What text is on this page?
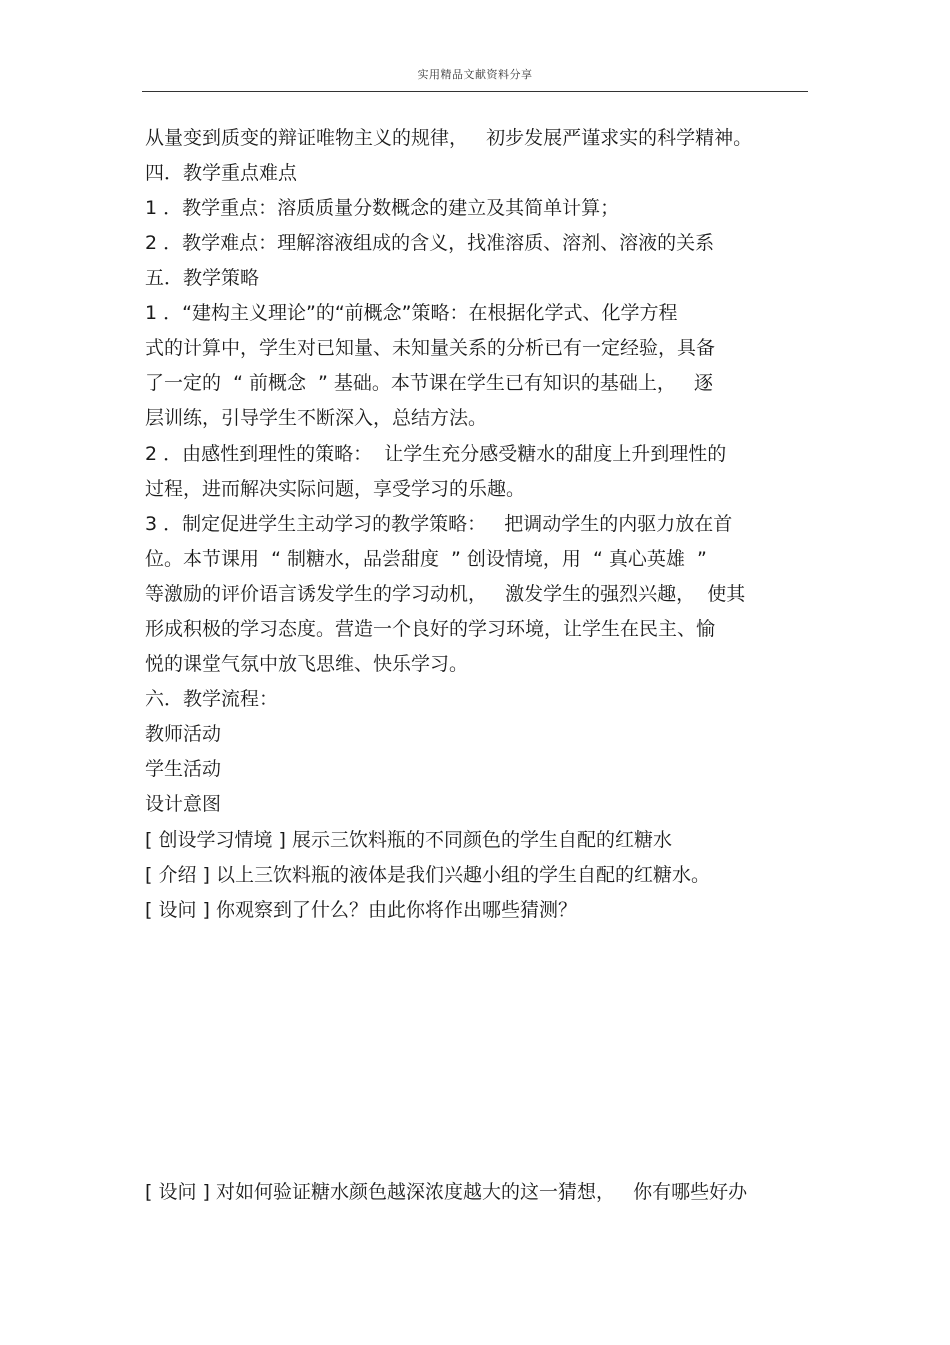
实用精品文献资料分享
从量变到质变的辩证唯物主义的规律，   初步发展严谨求实的科学精神。
四．教学重点难点
1 ．教学重点：溶质质量分数概念的建立及其简单计算；
2 ．教学难点：理解溶液组成的含义，找准溶质、溶剂、溶液的关系
五．教学策略
1 ．“建构主义理论”的“前概念”策略：在根据化学式、化学方程
式的计算中，学生对已知量、未知量关系的分析已有一定经验，具备
了一定的  “ 前概念  ” 基础。本节课在学生已有知识的基础上，   逐
层训练，引导学生不断深入，总结方法。
2 ．由感性到理性的策略：  让学生充分感受糖水的甜度上升到理性的
过程，进而解决实际问题，享受学习的乐趣。
3 ．制定促进学生主动学习的教学策略：   把调动学生的内驱力放在首
位。本节课用  “ 制糖水，品尝甜度  ” 创设情境，用  “ 真心英雄  ”
等激励的评价语言诱发学生的学习动机，   激发学生的强烈兴趣，  使其
形成积极的学习态度。营造一个良好的学习环境，让学生在民主、愉
悦的课堂气氛中放飞思维、快乐学习。
六．教学流程：
教师活动
学生活动
设计意图
[ 创设学习情境 ] 展示三饮料瓶的不同颜色的学生自配的红糖水
[ 介绍 ] 以上三饮料瓶的液体是我们兴趣小组的学生自配的红糖水。
[ 设问 ] 你观察到了什么？由此你将作出哪些猜测？
[ 设问 ] 对如何验证糖水颜色越深浓度越大的这一猜想，   你有哪些好办
